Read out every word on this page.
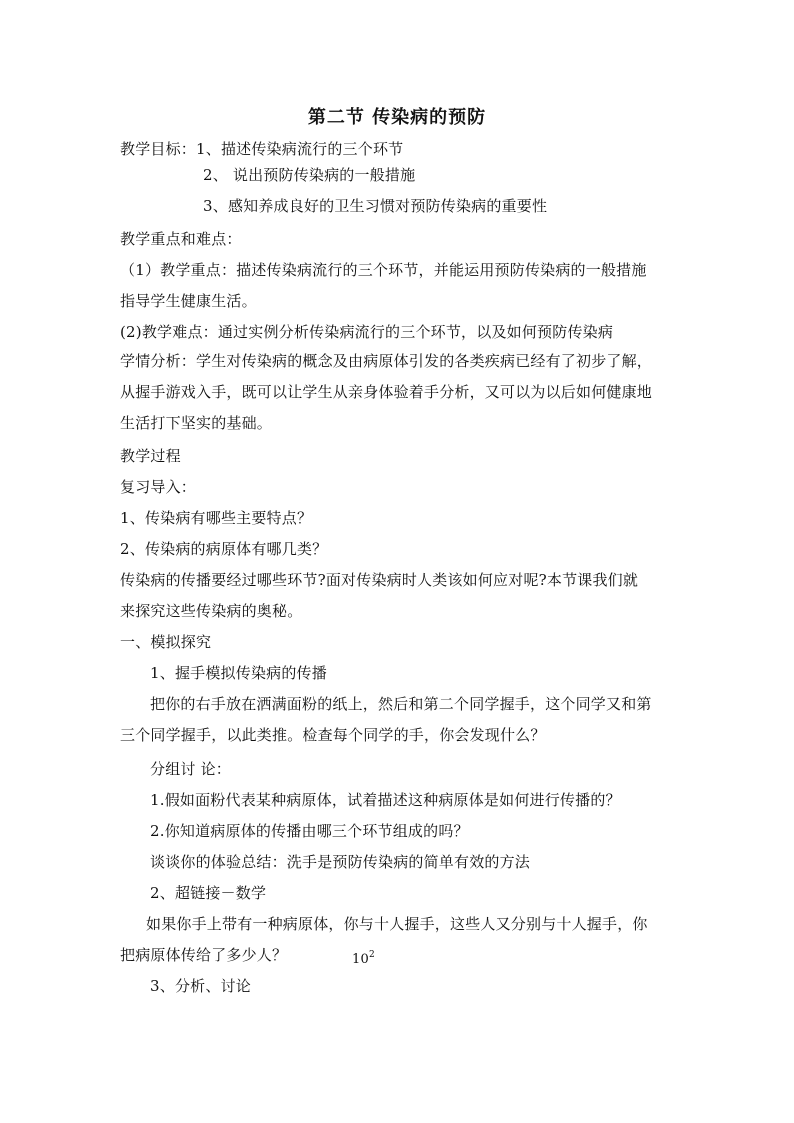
第二节 传染病的预防
教学目标：1、描述传染病流行的三个环节
2、 说出预防传染病的一般措施
3、感知养成良好的卫生习惯对预防传染病的重要性
教学重点和难点：
（1）教学重点：描述传染病流行的三个环节，并能运用预防传染病的一般措施
指导学生健康生活。
(2)教学难点：通过实例分析传染病流行的三个环节，以及如何预防传染病
学情分析：学生对传染病的概念及由病原体引发的各类疾病已经有了初步了解，
从握手游戏入手，既可以让学生从亲身体验着手分析，又可以为以后如何健康地
生活打下坚实的基础。
教学过程
复习导入：
1、传染病有哪些主要特点？
2、传染病的病原体有哪几类？
传染病的传播要经过哪些环节?面对传染病时人类该如何应对呢?本节课我们就
来探究这些传染病的奥秘。
一、模拟探究
1、握手模拟传染病的传播
把你的右手放在洒满面粉的纸上，然后和第二个同学握手，这个同学又和第
三个同学握手，以此类推。检查每个同学的手，你会发现什么？
分组讨 论：
1.假如面粉代表某种病原体，试着描述这种病原体是如何进行传播的？
2.你知道病原体的传播由哪三个环节组成的吗？
谈谈你的体验总结：洗手是预防传染病的简单有效的方法
2、超链接－数学
如果你手上带有一种病原体，你与十人握手，这些人又分别与十人握手，你
把病原体传给了多少人？	$10^2$
3、分析、讨论
